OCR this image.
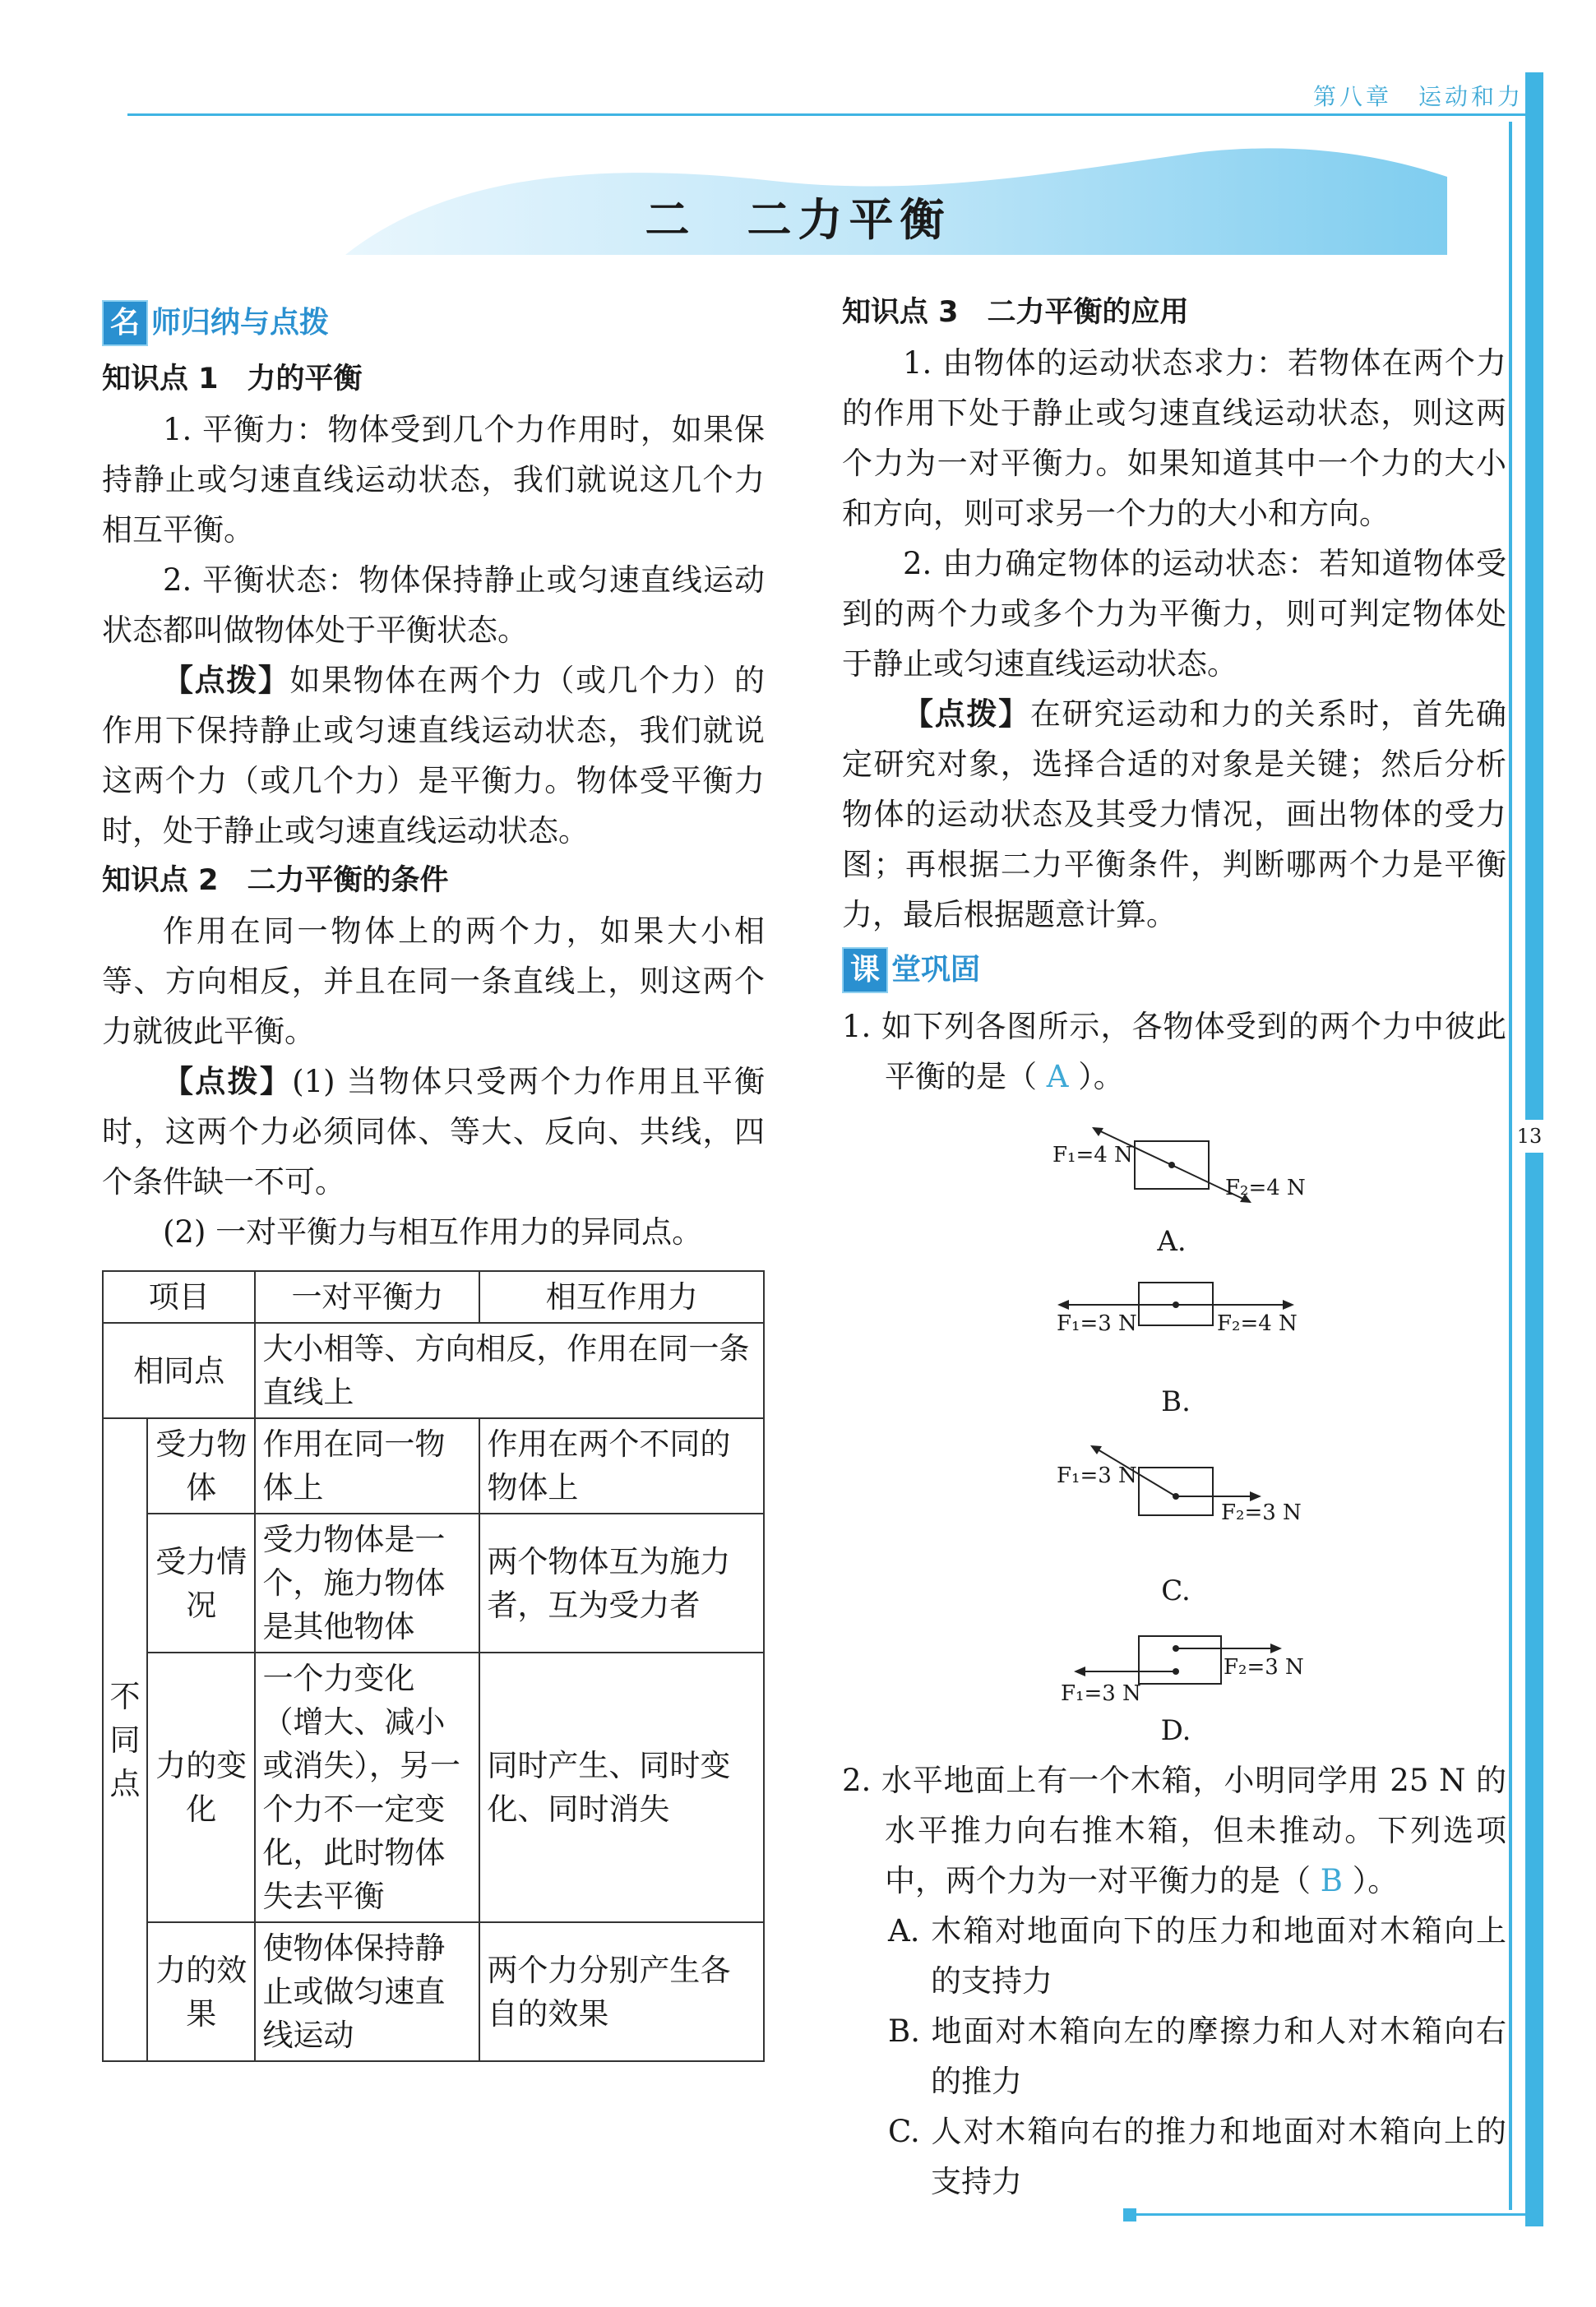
第八章　运动和力
13
二　二力平衡
名 师归纳与点拨

知识点 1　力的平衡

1. 平衡力：物体受到几个力作用时，如果保持静止或匀速直线运动状态，我们就说这几个力相互平衡。

2. 平衡状态：物体保持静止或匀速直线运动状态都叫做物体处于平衡状态。

【点拨】如果物体在两个力（或几个力）的作用下保持静止或匀速直线运动状态，我们就说这两个力（或几个力）是平衡力。物体受平衡力时，处于静止或匀速直线运动状态。

知识点 2　二力平衡的条件

作用在同一物体上的两个力，如果大小相等、方向相反，并且在同一条直线上，则这两个力就彼此平衡。

【点拨】(1) 当物体只受两个力作用且平衡时，这两个力必须同体、等大、反向、共线，四个条件缺一不可。

(2) 一对平衡力与相互作用力的异同点。

项目		一对平衡力	相互作用力
相同点		大小相等、方向相反，作用在同一条直线上	
不同点	受力物体	作用在同一物体上	作用在两个不同的物体上
	受力情况	受力物体是一个，施力物体是其他物体	两个物体互为施力者，互为受力者
	力的变化	一个力变化（增大、减小或消失），另一个力不一定变化，此时物体失去平衡	同时产生、同时变化、同时消失
	力的效果	使物体保持静止或做匀速直线运动	两个力分别产生各自的效果

知识点 3　二力平衡的应用

1. 由物体的运动状态求力：若物体在两个力的作用下处于静止或匀速直线运动状态，则这两个力为一对平衡力。如果知道其中一个力的大小和方向，则可求另一个力的大小和方向。

2. 由力确定物体的运动状态：若知道物体受到的两个力或多个力为平衡力，则可判定物体处于静止或匀速直线运动状态。

【点拨】在研究运动和力的关系时，首先确定研究对象，选择合适的对象是关键；然后分析物体的运动状态及其受力情况，画出物体的受力图；再根据二力平衡条件，判断哪两个力是平衡力，最后根据题意计算。

课 堂巩固

1. 如下列各图所示，各物体受到的两个力中彼此平衡的是（ A ）。

F₁=4 N
F₂=4 N
A.
F₁=3 N	F₂=4 N
B.
F₁=3 N
F₂=3 N
C.
F₁=3 N
F₂=3 N
D.

2. 水平地面上有一个木箱，小明同学用 25 N 的水平推力向右推木箱，但未推动。下列选项中，两个力为一对平衡力的是（ B ）。

A. 木箱对地面向下的压力和地面对木箱向上的支持力

B. 地面对木箱向左的摩擦力和人对木箱向右的推力

C. 人对木箱向右的推力和地面对木箱向上的支持力
